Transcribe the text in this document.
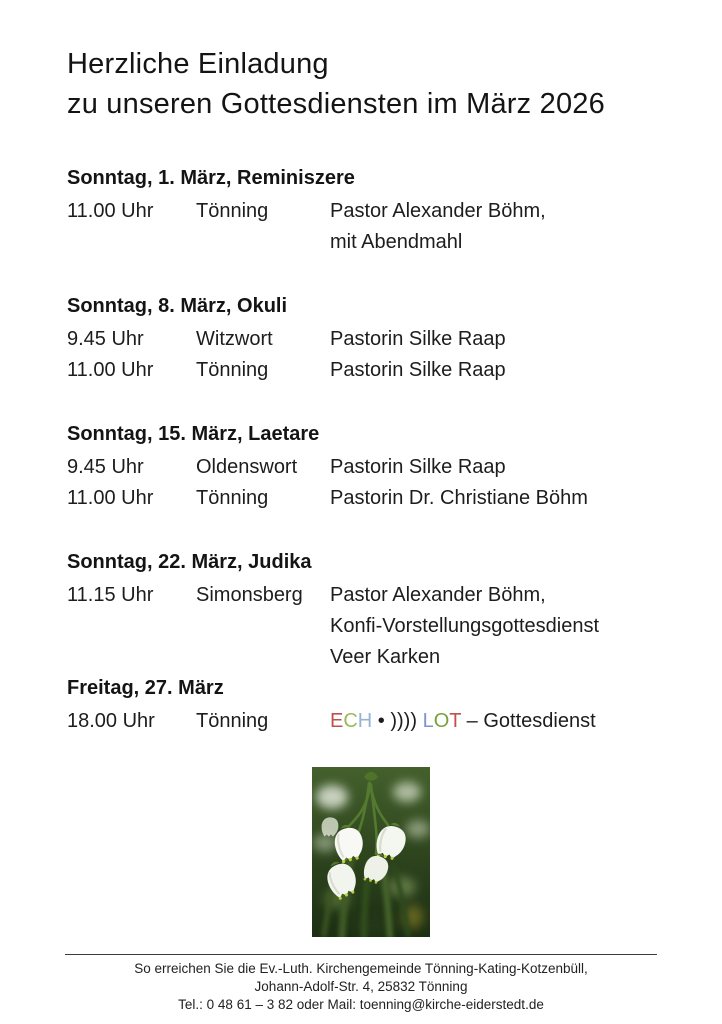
Herzliche Einladung
zu unseren Gottesdiensten im März 2026
Sonntag, 1. März, Reminiszere
11.00 Uhr	Tönning	Pastor Alexander Böhm,
mit Abendmahl
Sonntag, 8. März, Okuli
9.45 Uhr	Witzwort	Pastorin Silke Raap
11.00 Uhr	Tönning	Pastorin Silke Raap
Sonntag, 15. März, Laetare
9.45 Uhr	Oldenswort	Pastorin Silke Raap
11.00 Uhr	Tönning	Pastorin Dr. Christiane Böhm
Sonntag, 22. März, Judika
11.15 Uhr	Simonsberg	Pastor Alexander Böhm,
Konfi-Vorstellungsgottesdienst
Veer Karken
Freitag, 27. März
18.00 Uhr	Tönning	ECH • )))) LOT – Gottesdienst
So erreichen Sie die Ev.-Luth. Kirchengemeinde Tönning-Kating-Kotzenbüll,
Johann-Adolf-Str. 4, 25832 Tönning
Tel.: 0 48 61 – 3 82 oder Mail: toenning@kirche-eiderstedt.de
